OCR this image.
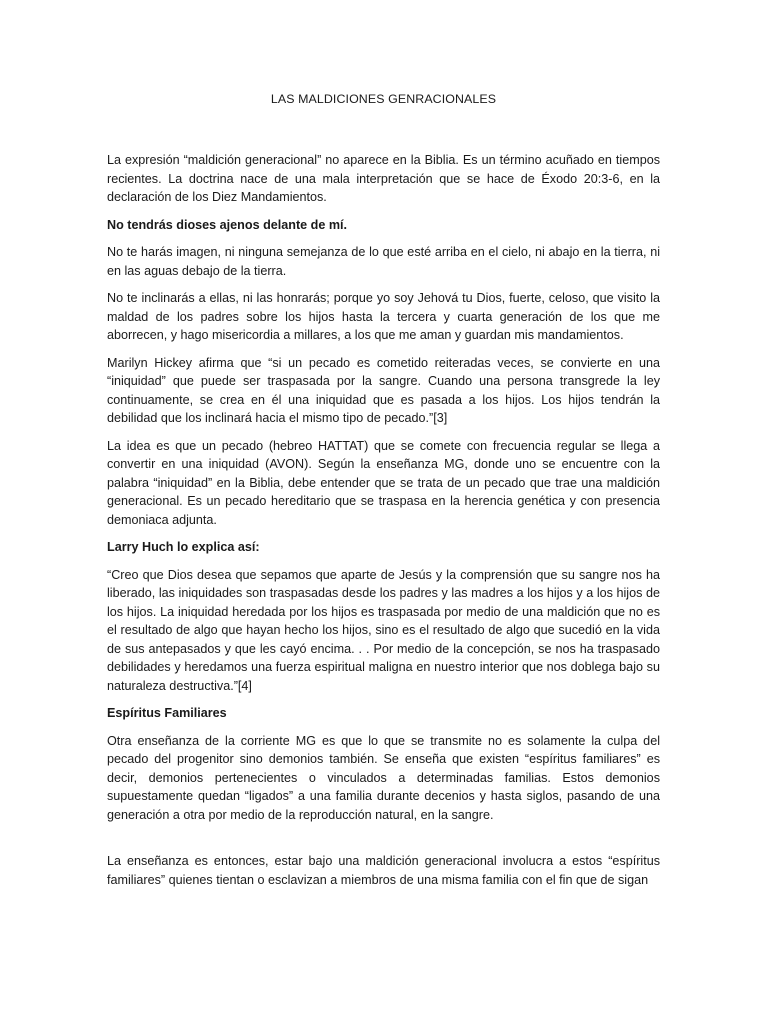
LAS MALDICIONES GENRACIONALES

La expresión “maldición generacional” no aparece en la Biblia. Es un término acuñado en tiempos recientes. La doctrina nace de una mala interpretación que se hace de Éxodo 20:3-6, en la declaración de los Diez Mandamientos.

No tendrás dioses ajenos delante de mí.

No te harás imagen, ni ninguna semejanza de lo que esté arriba en el cielo, ni abajo en la tierra, ni en las aguas debajo de la tierra.

No te inclinarás a ellas, ni las honrarás; porque yo soy Jehová tu Dios, fuerte, celoso, que visito la maldad de los padres sobre los hijos hasta la tercera y cuarta generación de los que me aborrecen, y hago misericordia a millares, a los que me aman y guardan mis mandamientos.

Marilyn Hickey afirma que “si un pecado es cometido reiteradas veces, se convierte en una “iniquidad” que puede ser traspasada por la sangre. Cuando una persona transgrede la ley continuamente, se crea en él una iniquidad que es pasada a los hijos. Los hijos tendrán la debilidad que los inclinará hacia el mismo tipo de pecado.”[3]

La idea es que un pecado (hebreo HATTAT) que se comete con frecuencia regular se llega a convertir en una iniquidad (AVON). Según la enseñanza MG, donde uno se encuentre con la palabra “iniquidad” en la Biblia, debe entender que se trata de un pecado que trae una maldición generacional. Es un pecado hereditario que se traspasa en la herencia genética y con presencia demoniaca adjunta.

Larry Huch lo explica así:

“Creo que Dios desea que sepamos que aparte de Jesús y la comprensión que su sangre nos ha liberado, las iniquidades son traspasadas desde los padres y las madres a los hijos y a los hijos de los hijos. La iniquidad heredada por los hijos es traspasada por medio de una maldición que no es el resultado de algo que hayan hecho los hijos, sino es el resultado de algo que sucedió en la vida de sus antepasados y que les cayó encima. . . Por medio de la concepción, se nos ha traspasado debilidades y heredamos una fuerza espiritual maligna en nuestro interior que nos doblega bajo su naturaleza destructiva.”[4]

Espíritus Familiares

Otra enseñanza de la corriente MG es que lo que se transmite no es solamente la culpa del pecado del progenitor sino demonios también. Se enseña que existen “espíritus familiares” es decir, demonios pertenecientes o vinculados a determinadas familias. Estos demonios supuestamente quedan “ligados” a una familia durante decenios y hasta siglos, pasando de una generación a otra por medio de la reproducción natural, en la sangre.

La enseñanza es entonces, estar bajo una maldición generacional involucra a estos “espíritus familiares” quienes tientan o esclavizan a miembros de una misma familia con el fin que de sigan
